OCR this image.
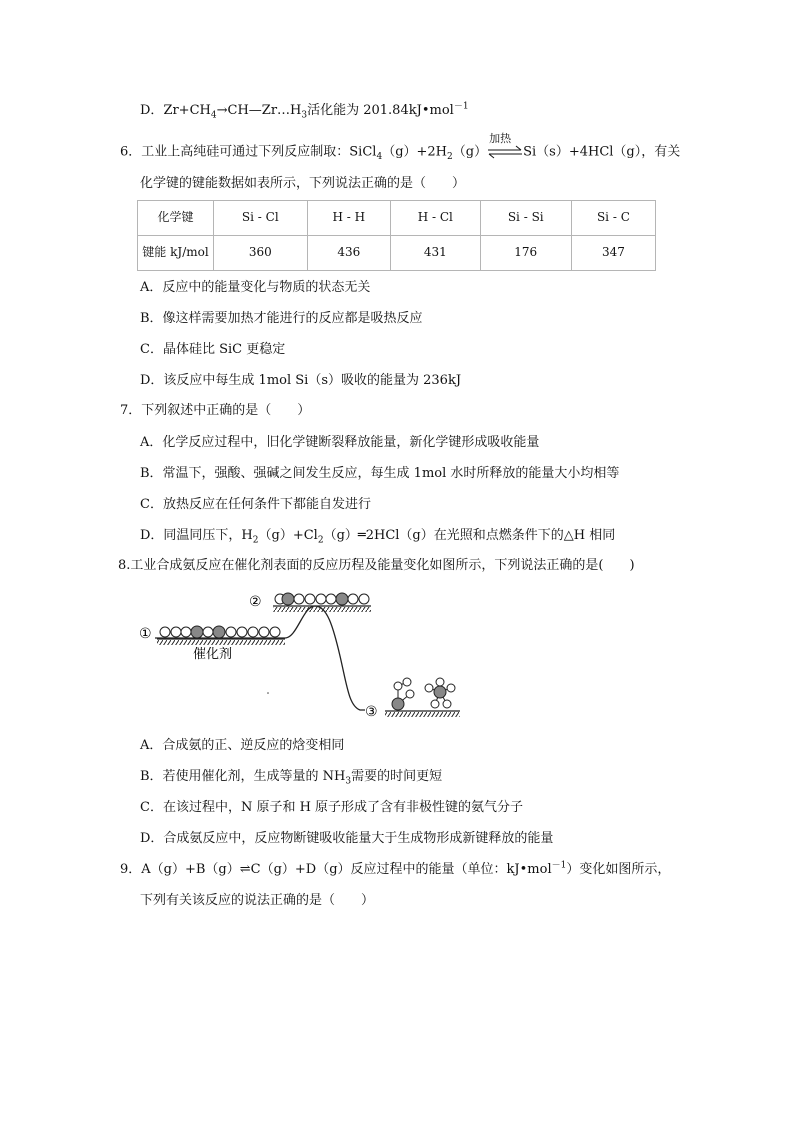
D．$Zr+CH_4\to CH—Zr\dots H_3$活化能为 201.84kJ•mol$^{-1}$
6．工业上高纯硅可通过下列反应制取：$SiCl_4(g)+2H_2(g)$
加热
Si（s）+4HCl（g），有关
化学键的键能数据如表所示，下列说法正确的是（　　）
化学键	Si - Cl	H - H	H - Cl	Si - Si	Si - C
键能 kJ/mol	360	436	431	176	347
A．反应中的能量变化与物质的状态无关
B．像这样需要加热才能进行的反应都是吸热反应
C．晶体硅比 SiC 更稳定
D．该反应中每生成 1mol Si（s）吸收的能量为 236kJ
7．下列叙述中正确的是（　　）
A．化学反应过程中，旧化学键断裂释放能量，新化学键形成吸收能量
B．常温下，强酸、强碱之间发生反应，每生成 1mol 水时所释放的能量大小均相等
C．放热反应在任何条件下都能自发进行
D．同温同压下，$H_2(g)+Cl_2(g)═2HCl(g)$在光照和点燃条件下的△H 相同
8.工业合成氨反应在催化剂表面的反应历程及能量变化如图所示，下列说法正确的是(　　)
①
②
③
催化剂
A．合成氨的正、逆反应的焓变相同
B．若使用催化剂，生成等量的 $NH_3$需要的时间更短
C．在该过程中，N 原子和 H 原子形成了含有非极性键的氨气分子
D．合成氨反应中，反应物断键吸收能量大于生成物形成新键释放的能量
9．A（g）+B（g）⇌C（g）+D（g）反应过程中的能量（单位：kJ•mol$^{-1}$）变化如图所示，
下列有关该反应的说法正确的是（　　）
